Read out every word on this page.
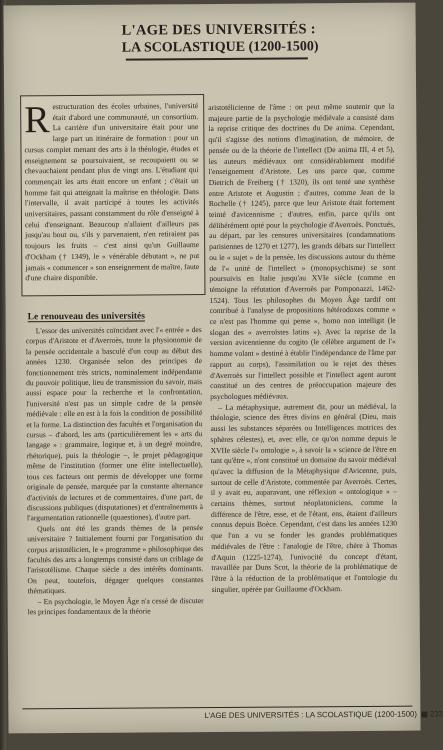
L'AGE DES UNIVERSITÉS :
LA SCOLASTIQUE (1200-1500)
R estructuration des écoles urbaines, l'université était d'abord une communauté, un consortium. La carrière d'un universitaire était pour une large part un itinéraire de formation : pour un cursus complet menant des arts à la théologie, études et enseignement se poursuivaient, se recoupaient ou se chevauchaient pendant plus de vingt ans. L'étudiant qui commençait les arts était encore un enfant ; c'était un homme fait qui atteignait la maîtrise en théologie. Dans l'intervalle, il avait participé à toutes les activités universitaires, passant constamment du rôle d'enseigné à celui d'enseignant. Beaucoup n'allaient d'ailleurs pas jusqu'au bout ou, s'ils y parvenaient, n'en retiraient pas toujours les fruits – c'est ainsi qu'un Guillaume d'Ockham († 1349), le « vénérable débutant », ne put jamais « commencer » son enseignement de maître, faute d'une chaire disponible.
Le renouveau des universités

L'essor des universités coïncidant avec l'« entrée » des corpus d'Aristote et d'Averroès, toute la physionomie de la pensée occidentale a basculé d'un coup au début des années 1230. Organisée selon des principes de fonctionnement très stricts, nominalement indépendante du pouvoir politique, lieu de transmission du savoir, mais aussi espace pour la recherche et la confrontation, l'université n'est pas un simple cadre de la pensée médiévale : elle en est à la fois la condition de possibilité et la forme. La distinction des facultés et l'organisation du cursus – d'abord, les arts (particulièrement les « arts du langage » : grammaire, logique et, à un degré moindre, rhétorique), puis la théologie –, le projet pédagogique même de l'institution (former une élite intellectuelle), tous ces facteurs ont permis de développer une forme originale de pensée, marquée par la constante alternance d'activités de lectures et de commentaires, d'une part, de discussions publiques (disputationes) et d'entraînements à l'argumentation rationnelle (quaestiones), d'autre part.

Quels ont été les grands thèmes de la pensée universitaire ? Initialement fourni par l'organisation du corpus aristotélicien, le « programme » philosophique des facultés des arts a longtemps consisté dans un criblage de l'aristotélisme. Chaque siècle a des intérêts dominants. On peut, toutefois, dégager quelques constantes thématiques.

– En psychologie, le Moyen Âge n'a cessé de discuter les principes fondamentaux de la théorie

aristotélicienne de l'âme : on peut même soutenir que la majeure partie de la psychologie médiévale a consisté dans la reprise critique des doctrines du De anima. Cependant, qu'il s'agisse des notions d'imagination, de mémoire, de pensée ou de la théorie de l'intellect (De anima III, 4 et 5), les auteurs médiévaux ont considérablement modifié l'enseignement d'Aristote. Les uns parce que, comme Dietrich de Freiberg († 1320), ils ont tenté une synthèse entre Aristote et Augustin ; d'autres, comme Jean de la Rochelle († 1245), parce que leur Aristote était fortement teinté d'avicennisme ; d'autres, enfin, parce qu'ils ont délibérément opté pour la psychologie d'Averroès. Ponctués, au départ, par les censures universitaires (condamnations parisiennes de 1270 et 1277), les grands débats sur l'intellect ou le « sujet » de la pensée, les discussions autour du thème de l'« unité de l'intellect » (monopsychisme) se sont poursuivis en Italie jusqu'au XVIe siècle (comme en témoigne la réfutation d'Averroès par Pomponazzi, 1462-1524). Tous les philosophes du Moyen Âge tardif ont contribué à l'analyse de propositions hétérodoxes comme « ce n'est pas l'homme qui pense », homo non intelligit (le slogan des « averroïstes latins »). Avec la reprise de la version avicennienne du cogito (le célèbre argument de l'« homme volant » destiné à établir l'indépendance de l'âme par rapport au corps), l'assimilation ou le rejet des thèses d'Averroès sur l'intellect possible et l'intellect agent auront constitué un des centres de préoccupation majeure des psychologues médiévaux.

– La métaphysique, autrement dit, pour un médiéval, la théologie, science des êtres divins en général (Dieu, mais aussi les substances séparées ou Intelligences motrices des sphères célestes), et, avec elle, ce qu'on nomme depuis le XVIIe siècle l'« ontologie », à savoir la « science de l'être en tant qu'être », n'ont constitué un domaine du savoir médiéval qu'avec la diffusion de la Métaphysique d'Avicenne, puis, surtout de celle d'Aristote, commentée par Averroès. Certes, il y avait eu, auparavant, une réflexion « ontologique » – certains thèmes, surtout néoplatoniciens, comme la différence de l'être, esse, et de l'étant, ens, étaient d'ailleurs connus depuis Boèce. Cependant, c'est dans les années 1230 que l'on a vu se fonder les grandes problématiques médiévales de l'être : l'analogie de l'être, chère à Thomas d'Aquin (1225-1274), l'univocité du concept d'étant, travaillée par Duns Scot, la théorie de la problématique de l'être à la réduction de la problématique et l'ontologie du singulier, opérée par Guillaume d'Ockham.

L'AGE DES UNIVERSITÉS : LA SCOLASTIQUE (1200-1500) 233
